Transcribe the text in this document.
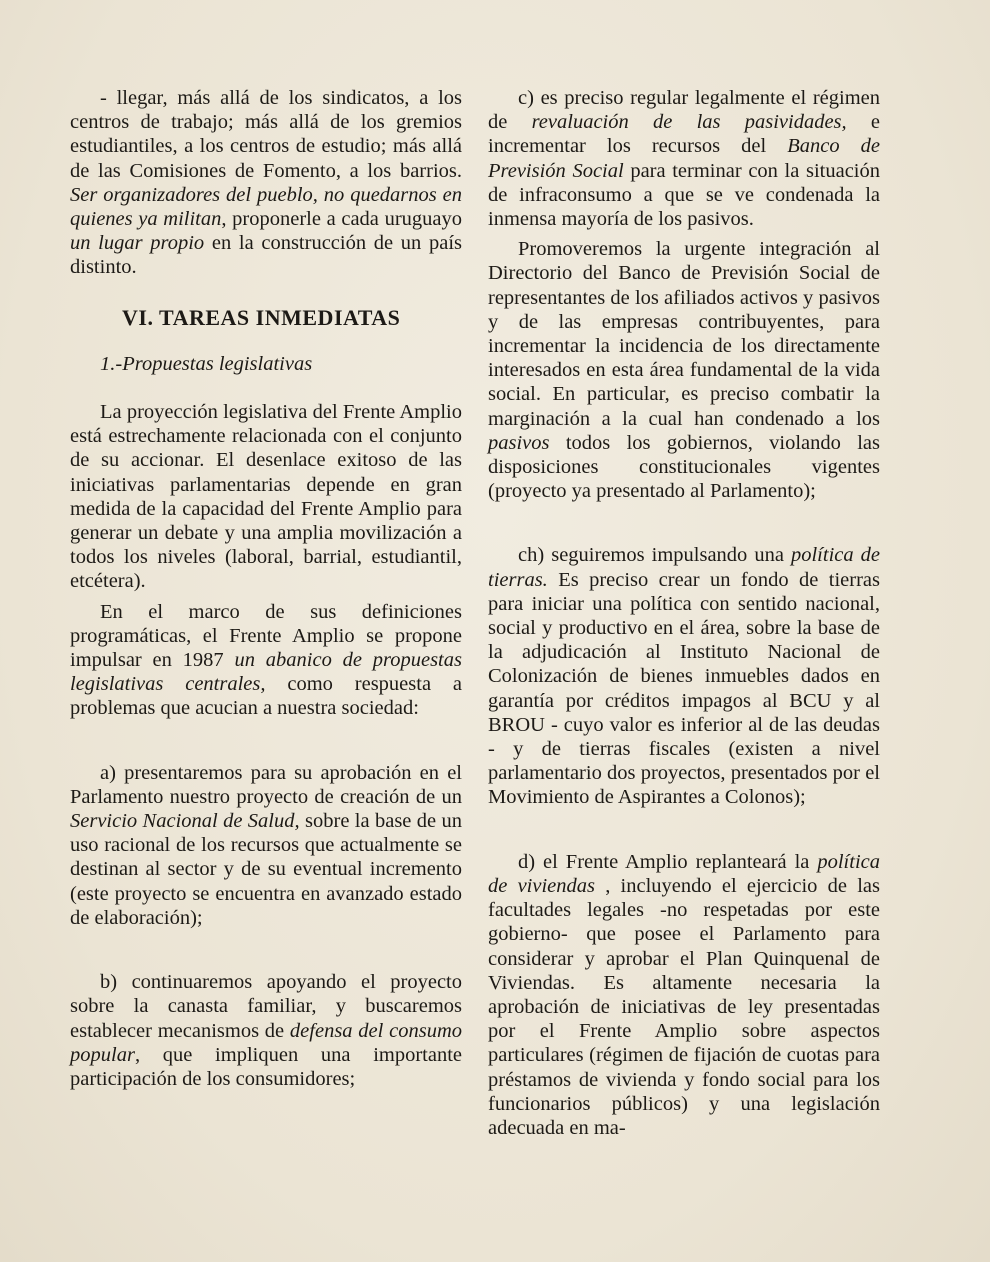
- llegar, más allá de los sindicatos, a los centros de trabajo; más allá de los gremios estudiantiles, a los centros de estudio; más allá de las Comisiones de Fomento, a los barrios. Ser organizadores del pueblo, no quedarnos en quienes ya militan, proponerle a cada uruguayo un lugar propio en la construcción de un país distinto.

VI. TAREAS INMEDIATAS
1.-Propuestas legislativas

La proyección legislativa del Frente Amplio está estrechamente relacionada con el conjunto de su accionar. El desenlace exitoso de las iniciativas parlamentarias depende en gran medida de la capacidad del Frente Amplio para generar un debate y una amplia movilización a todos los niveles (laboral, barrial, estudiantil, etcétera).

En el marco de sus definiciones programáticas, el Frente Amplio se propone impulsar en 1987 un abanico de propuestas legislativas centrales, como respuesta a problemas que acucian a nuestra sociedad:

a) presentaremos para su aprobación en el Parlamento nuestro proyecto de creación de un Servicio Nacional de Salud, sobre la base de un uso racional de los recursos que actualmente se destinan al sector y de su eventual incremento (este proyecto se encuentra en avanzado estado de elaboración);

b) continuaremos apoyando el proyecto sobre la canasta familiar, y buscaremos establecer mecanismos de defensa del consumo popular, que impliquen una importante participación de los consumidores;

c) es preciso regular legalmente el régimen de revaluación de las pasividades, e incrementar los recursos del Banco de Previsión Social para terminar con la situación de infraconsumo a que se ve condenada la inmensa mayoría de los pasivos.

Promoveremos la urgente integración al Directorio del Banco de Previsión Social de representantes de los afiliados activos y pasivos y de las empresas contribuyentes, para incrementar la incidencia de los directamente interesados en esta área fundamental de la vida social. En particular, es preciso combatir la marginación a la cual han condenado a los pasivos todos los gobiernos, violando las disposiciones constitucionales vigentes (proyecto ya presentado al Parlamento);

ch) seguiremos impulsando una política de tierras. Es preciso crear un fondo de tierras para iniciar una política con sentido nacional, social y productivo en el área, sobre la base de la adjudicación al Instituto Nacional de Colonización de bienes inmuebles dados en garantía por créditos impagos al BCU y al BROU - cuyo valor es inferior al de las deudas - y de tierras fiscales (existen a nivel parlamentario dos proyectos, presentados por el Movimiento de Aspirantes a Colonos);

d) el Frente Amplio replanteará la política de viviendas , incluyendo el ejercicio de las facultades legales -no respetadas por este gobierno- que posee el Parlamento para considerar y aprobar el Plan Quinquenal de Viviendas. Es altamente necesaria la aprobación de iniciativas de ley presentadas por el Frente Amplio sobre aspectos particulares (régimen de fijación de cuotas para préstamos de vivienda y fondo social para los funcionarios públicos) y una legislación adecuada en ma-
